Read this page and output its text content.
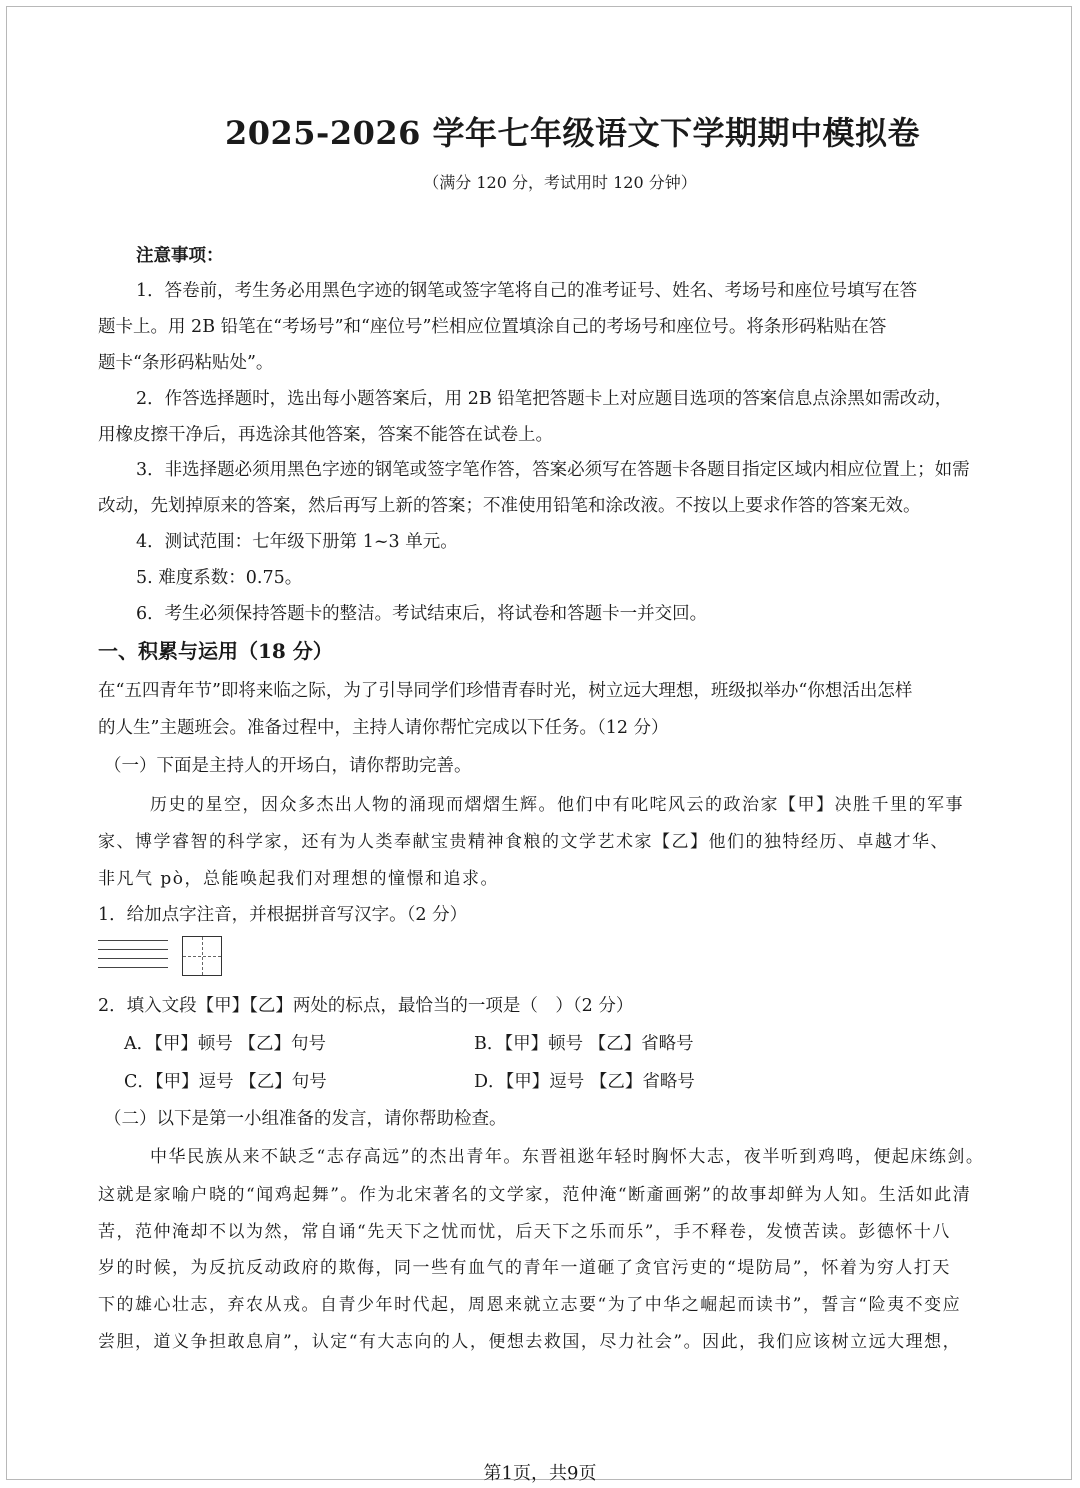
2025-2026 学年七年级语文下学期期中模拟卷
（满分 120 分，考试用时 120 分钟）
注意事项：
1．答卷前，考生务必用黑色字迹的钢笔或签字笔将自己的准考证号、姓名、考场号和座位号填写在答
题卡上。用 2B 铅笔在“考场号”和“座位号”栏相应位置填涂自己的考场号和座位号。将条形码粘贴在答
题卡“条形码粘贴处”。
2．作答选择题时，选出每小题答案后，用 2B 铅笔把答题卡上对应题目选项的答案信息点涂黑如需改动，
用橡皮擦干净后，再选涂其他答案，答案不能答在试卷上。
3．非选择题必须用黑色字迹的钢笔或签字笔作答，答案必须写在答题卡各题目指定区域内相应位置上；如需
改动，先划掉原来的答案，然后再写上新的答案；不准使用铅笔和涂改液。不按以上要求作答的答案无效。
4．测试范围：七年级下册第 1~3 单元。
5. 难度系数：0.75。
6．考生必须保持答题卡的整洁。考试结束后，将试卷和答题卡一并交回。
一、积累与运用（18 分）
在“五四青年节”即将来临之际，为了引导同学们珍惜青春时光，树立远大理想，班级拟举办“你想活出怎样
的人生”主题班会。准备过程中，主持人请你帮忙完成以下任务。（12 分）
（一）下面是主持人的开场白，请你帮助完善。
历史的星空，因众多杰出人物的涌现而熠熠生辉。他们中有叱咤风云的政治家【甲】决胜千里的军事
家、博学睿智的科学家，还有为人类奉献宝贵精神食粮的文学艺术家【乙】他们的独特经历、卓越才华、
非凡气 pò，总能唤起我们对理想的憧憬和追求。
1．给加点字注音，并根据拼音写汉字。（2 分）
2．填入文段【甲】【乙】两处的标点，最恰当的一项是（　）（2 分）
A．【甲】顿号 【乙】句号	B．【甲】顿号 【乙】省略号
C．【甲】逗号 【乙】句号	D．【甲】逗号 【乙】省略号
（二）以下是第一小组准备的发言，请你帮助检查。
中华民族从来不缺乏“志存高远”的杰出青年。东晋祖逖年轻时胸怀大志，夜半听到鸡鸣，便起床练剑。
这就是家喻户晓的“闻鸡起舞”。作为北宋著名的文学家，范仲淹“断齑画粥”的故事却鲜为人知。生活如此清
苦，范仲淹却不以为然，常自诵“先天下之忧而忧，后天下之乐而乐”，手不释卷，发愤苦读。彭德怀十八
岁的时候，为反抗反动政府的欺侮，同一些有血气的青年一道砸了贪官污吏的“堤防局”，怀着为穷人打天
下的雄心壮志，弃农从戎。自青少年时代起，周恩来就立志要“为了中华之崛起而读书”，誓言“险夷不变应
尝胆，道义争担敢息肩”，认定“有大志向的人，便想去救国，尽力社会”。因此，我们应该树立远大理想，
第1页，共9页
